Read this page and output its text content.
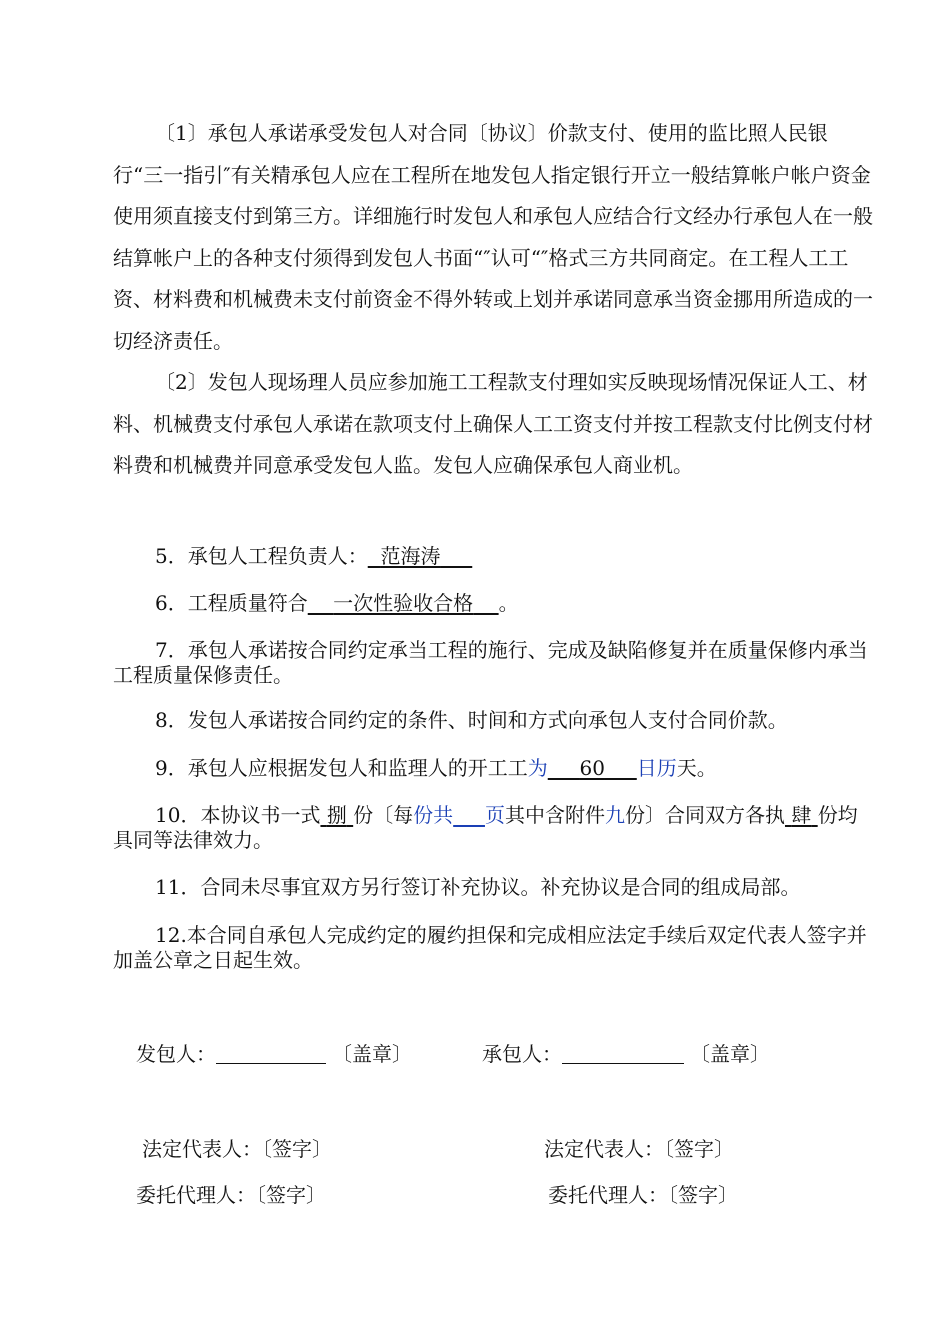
〔1〕承包人承诺承受发包人对合同〔协议〕价款支付、使用的监比照人民银行“三一指引″有关精承包人应在工程所在地发包人指定银行开立一般结算帐户帐户资金使用须直接支付到第三方。详细施行时发包人和承包人应结合行文经办行承包人在一般结算帐户上的各种支付须得到发包人书面“″认可“″格式三方共同商定。在工程人工工资、材料费和机械费未支付前资金不得外转或上划并承诺同意承当资金挪用所造成的一切经济责任。
〔2〕发包人现场理人员应参加施工工程款支付理如实反映现场情况保证人工、材料、机械费支付承包人承诺在款项支付上确保人工工资支付并按工程款支付比例支付材料费和机械费并同意承受发包人监。发包人应确保承包人商业机。
5．承包人工程负责人： 范海涛
6．工程质量符合 一次性验收合格 。
7．承包人承诺按合同约定承当工程的施行、完成及缺陷修复并在质量保修内承当工程质量保修责任。
8．发包人承诺按合同约定的条件、时间和方式向承包人支付合同价款。
9．承包人应根据发包人和监理人的开工工为 60 日历天。
10．本协议书一式 捌 份〔每份共 页其中含附件九份〕合同双方各执 肆 份均具同等法律效力。
11．合同未尽事宜双方另行签订补充协议。补充协议是合同的组成局部。
12.本合同自承包人完成约定的履约担保和完成相应法定手续后双定代表人签字并加盖公章之日起生效。
发包人：	〔盖章〕	承包人：	〔盖章〕
法定代表人：〔签字〕	法定代表人：〔签字〕
委托代理人：〔签字〕	委托代理人：〔签字〕
